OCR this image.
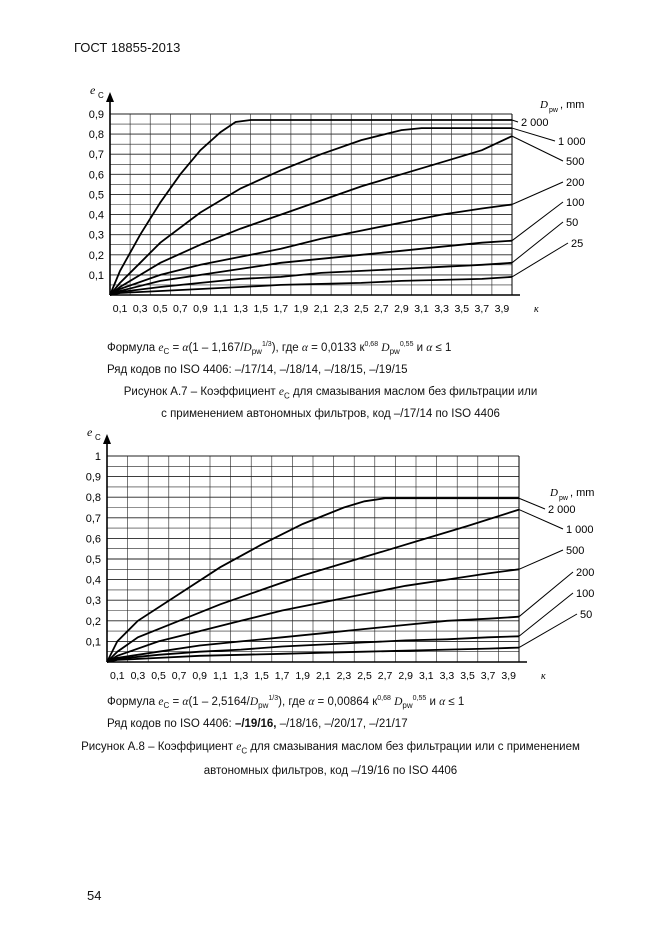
ГОСТ 18855-2013
0,1
0,2
0,3
0,4
0,5
0,6
0,7
0,8
0,9
0,1 0,3 0,5 0,7 0,9 1,1 1,3 1,5 1,7 1,9 2,1 2,3 2,5 2,7 2,9 3,1 3,3 3,5 3,7 3,9
e C
к
D pw , mm
2 000
1 000
500
200
100
50
25
0,1
0,2
0,3
0,4
0,5
0,6
0,7
0,8
0,9
1
0,1 0,3 0,5 0,7 0,9 1,1 1,3 1,5 1,7 1,9 2,1 2,3 2,5 2,7 2,9 3,1 3,3 3,5 3,7 3,9
e C
к
D pw , mm
2 000
1 000
500
200
100
50
Формула $e_C = \alpha(1 - 1,167/D_{pw}^{1/3})$, где α = 0,0133 $к^{0,68}$ $D_{pw}^{0,55}$ и α ≤ 1
Ряд кодов по ISO 4406: –/17/14, –/18/14, –/18/15, –/19/15
Рисунок А.7 – Коэффициент $e_C$ для смазывания маслом без фильтрации или
с применением автономных фильтров, код –/17/14 по ISO 4406
Формула $e_C = \alpha(1 - 2,5164/D_{pw}^{1/3})$, где α = 0,00864 $к^{0,68}$ $D_{pw}^{0,55}$ и α ≤ 1
Ряд кодов по ISO 4406: –/19/16, –/18/16, –/20/17, –/21/17
Рисунок А.8 – Коэффициент $e_C$ для смазывания маслом без фильтрации или с применением
автономных фильтров, код –/19/16 по ISO 4406
54
